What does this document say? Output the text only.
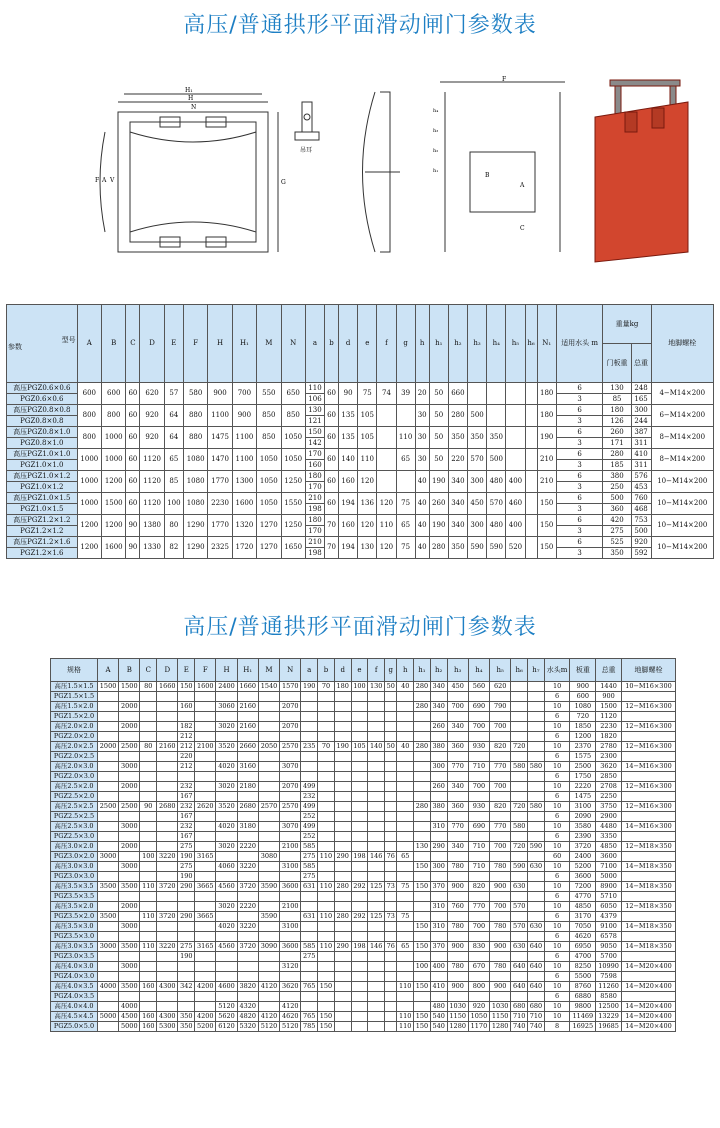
高压/普通拱形平面滑动闸门参数表
H₁
H
N
G
V
A
F
吊耳
F
B
A
C
h₄
h₃
h₂
h₁
型号
参数	A	B	C	D	E	F	H	H₁	M	N	a	b	d	e	f	g	h	h₁	h₂	h₃	h₄	h₅	h₆	N₁	适用水头 m	重量kg		地脚螺栓
																										门板重	总重	
高压PGZ0.6×0.6	600	600	60	620	57	580	900	700	550	650	110	60	90	75	74	39	20	50	660					180	6	130	248	4−M14×200
PGZ0.6×0.6											106														3	85	165	
高压PGZ0.8×0.8	800	800	60	920	64	880	1100	900	850	850	130	60	135	105			30	50	280	500				180	6	180	300	6−M14×200
PGZ0.8×0.8											121														3	126	244	
高压PGZ0.8×1.0	800	1000	60	920	64	880	1475	1100	850	1050	150	60	135	105		110	30	50	350	350	350			190	6	260	387	8−M14×200
PGZ0.8×1.0											142														3	171	311	
高压PGZ1.0×1.0	1000	1000	60	1120	65	1080	1470	1100	1050	1050	170	60	140	110		65	30	50	220	570	500			210	6	280	410	8−M14×200
PGZ1.0×1.0											160														3	185	311	
高压PGZ1.0×1.2	1000	1200	60	1120	85	1080	1770	1300	1050	1250	180	60	160	120			40	190	340	300	480	400		210	6	380	576	10−M14×200
PGZ1.0×1.2											170														3	250	453	
高压PGZ1.0×1.5	1000	1500	60	1120	100	1080	2230	1600	1050	1550	210	60	194	136	120	75	40	260	340	450	570	460		150	6	500	760	10−M14×200
PGZ1.0×1.5											198														3	360	468	
高压PGZ1.2×1.2	1200	1200	90	1380	80	1290	1770	1320	1270	1250	180	70	160	120	110	65	40	190	340	300	480	400		150	6	420	753	10−M14×200
PGZ1.2×1.2											170														3	275	500	
高压PGZ1.2×1.6	1200	1600	90	1330	82	1290	2325	1720	1270	1650	210	70	194	130	120	75	40	280	350	590	590	520		150	6	525	920	10−M14×200
PGZ1.2×1.6											198														3	350	592	
高压/普通拱形平面滑动闸门参数表
规格	A	B	C	D	E	F	H	H₁	M	N	a	b	d	e	f	g	h	h₁	h₂	h₃	h₄	h₅	h₆	h₇	水头m	板重	总重	地脚螺栓
高压1.5×1.5	1500	1500	80	1660	150	1600	2400	1660	1540	1570	190	70	180	100	130	50	40	280	340	450	560	620			10	900	1440	10−M16×300
PGZ1.5×1.5																									6	600	900	
高压1.5×2.0		2000			160		3060	2160		2070								280	340	700	690	790			10	1080	1500	12−M16×300
PGZ1.5×2.0																									6	720	1120	
高压2.0×2.0		2000			182		3020	2160		2070									260	340	700	700			10	1850	2230	12−M16×300
PGZ2.0×2.0					212																				6	1200	1820	
高压2.0×2.5	2000	2500	80	2160	212	2100	3520	2660	2050	2570	235	70	190	105	140	50	40	280	380	360	930	820	720		10	2370	2780	12−M16×300
PGZ2.0×2.5					220																				6	1575	2300	
高压2.0×3.0		3000			212		4020	3160		3070									300	770	710	770	580	580	10	2500	3620	14−M16×300
PGZ2.0×3.0																									6	1750	2850	
高压2.5×2.0		2000			232		3020	2180		2070	499								260	340	700	700			10	2220	2708	12−M16×300
PGZ2.5×2.0					167						232														6	1475	2250	
高压2.5×2.5	2500	2500	90	2680	232	2620	3520	2680	2570	2570	499							280	380	360	930	820	720	580	10	3100	3750	12−M16×300
PGZ2.5×2.5					167						252														6	2090	2900	
高压2.5×3.0		3000			232		4020	3180		3070	499								310	770	690	770	580		10	3580	4480	14−M16×300
PGZ2.5×3.0					167						252														6	2390	3350	
高压3.0×2.0		2000			275		3020	2220		2100	585							130	290	340	710	700	720	590	10	3720	4850	12−M18×350
PGZ3.0×2.0	3000		100	3220	190	3165			3080		275	110	290	198	146	76	65								60	2400	3600	
高压3.0×3.0		3000			275		4060	3220		3100	585							150	300	780	710	780	590	630	10	5200	7100	14−M18×350
PGZ3.0×3.0					190						275														6	3600	5000	
高压3.5×3.5	3500	3500	110	3720	290	3665	4560	3720	3590	3600	631	110	280	292	125	73	75	150	370	900	820	900	630		10	7200	8900	14−M18×350
PGZ3.5×3.5																									6	4770	5710	
高压3.5×2.0		2000					3020	2220		2100									310	760	770	700	570		10	4850	6050	12−M18×350
PGZ3.5×2.0	3500		110	3720	290	3665			3590		631	110	280	292	125	73	75								6	3170	4379	
高压3.5×3.0		3000					4020	3220		3100								150	310	780	700	780	570	630	10	7050	9100	14−M18×350
PGZ3.5×3.0																									6	4620	6578	
高压3.0×3.5	3000	3500	110	3220	275	3165	4560	3720	3090	3600	585	110	290	198	146	76	65	150	370	900	830	900	630	640	10	6950	9050	14−M18×350
PGZ3.0×3.5					190						275														6	4700	5700	
高压4.0×3.0		3000								3120								100	400	780	670	780	640	640	10	8250	10990	14−M20×400
PGZ4.0×3.0																									6	5500	7598	
高压4.0×3.5	4000	3500	160	4300	342	4200	4600	3820	4120	3620	765	150					110	150	410	900	800	900	640	640	10	8760	11260	14−M20×400
PGZ4.0×3.5																									6	6880	8580	
高压4.0×4.0		4000					5120	4320		4120									480	1030	920	1030	680	680	10	9800	12500	14−M20×400
高压4.5×4.5	5000	4500	160	4300	350	4200	5620	4820	4120	4620	765	150					110	150	540	1150	1050	1150	710	710	10	11469	13229	14−M20×400
PGZ5.0×5.0		5000	160	5300	350	5200	6120	5320	5120	5120	785	150					110	150	540	1280	1170	1280	740	740	8	16925	19685	14−M20×400
